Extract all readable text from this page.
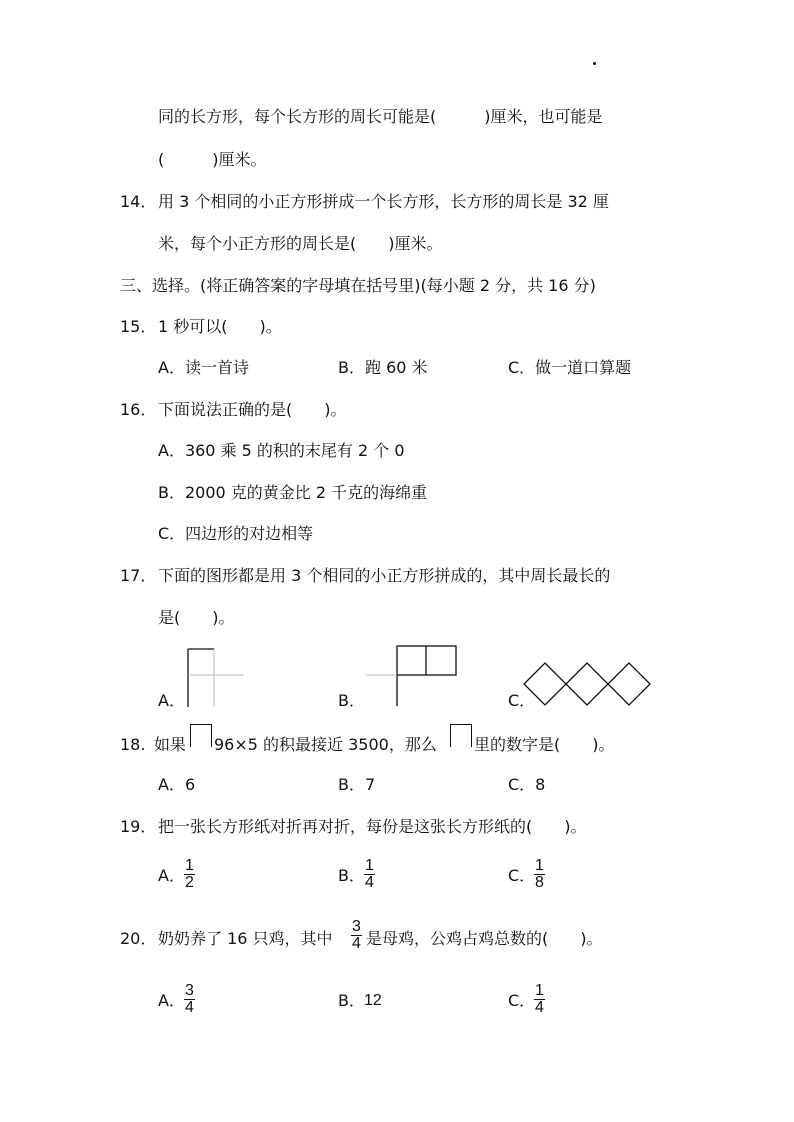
同的长方形，每个长方形的周长可能是(　　　)厘米，也可能是
(　　　)厘米。
14． 用 3 个相同的小正方形拼成一个长方形，长方形的周长是 32 厘
米，每个小正方形的周长是(　　)厘米。
三、选择。(将正确答案的字母填在括号里)(每小题 2 分，共 16 分)
15． 1 秒可以(　　)。
A．读一首诗	B．跑 60 米	C．做一道口算题
16． 下面说法正确的是(　　)。
A．360 乘 5 的积的末尾有 2 个 0
B．2000 克的黄金比 2 千克的海绵重
C．四边形的对边相等
17． 下面的图形都是用 3 个相同的小正方形拼成的，其中周长最长的
是(　　)。
A．	B．	C．
18. 如果 96×5 的积最接近 3500，那么 里的数字是(　　)。
A．6	B．7	C．8
19． 把一张长方形纸对折再对折，每份是这张长方形纸的(　　)。
A． $\frac{1}{2}$	B． $\frac{1}{4}$	C．
$\frac{1}{8}$
20． 奶奶养了 16 只鸡，其中 $\frac{3}{4}$ 是母鸡，公鸡占鸡总数的(　　)。
A． $\frac{3}{4}$	B． 12	C．
$\frac{1}{4}$
